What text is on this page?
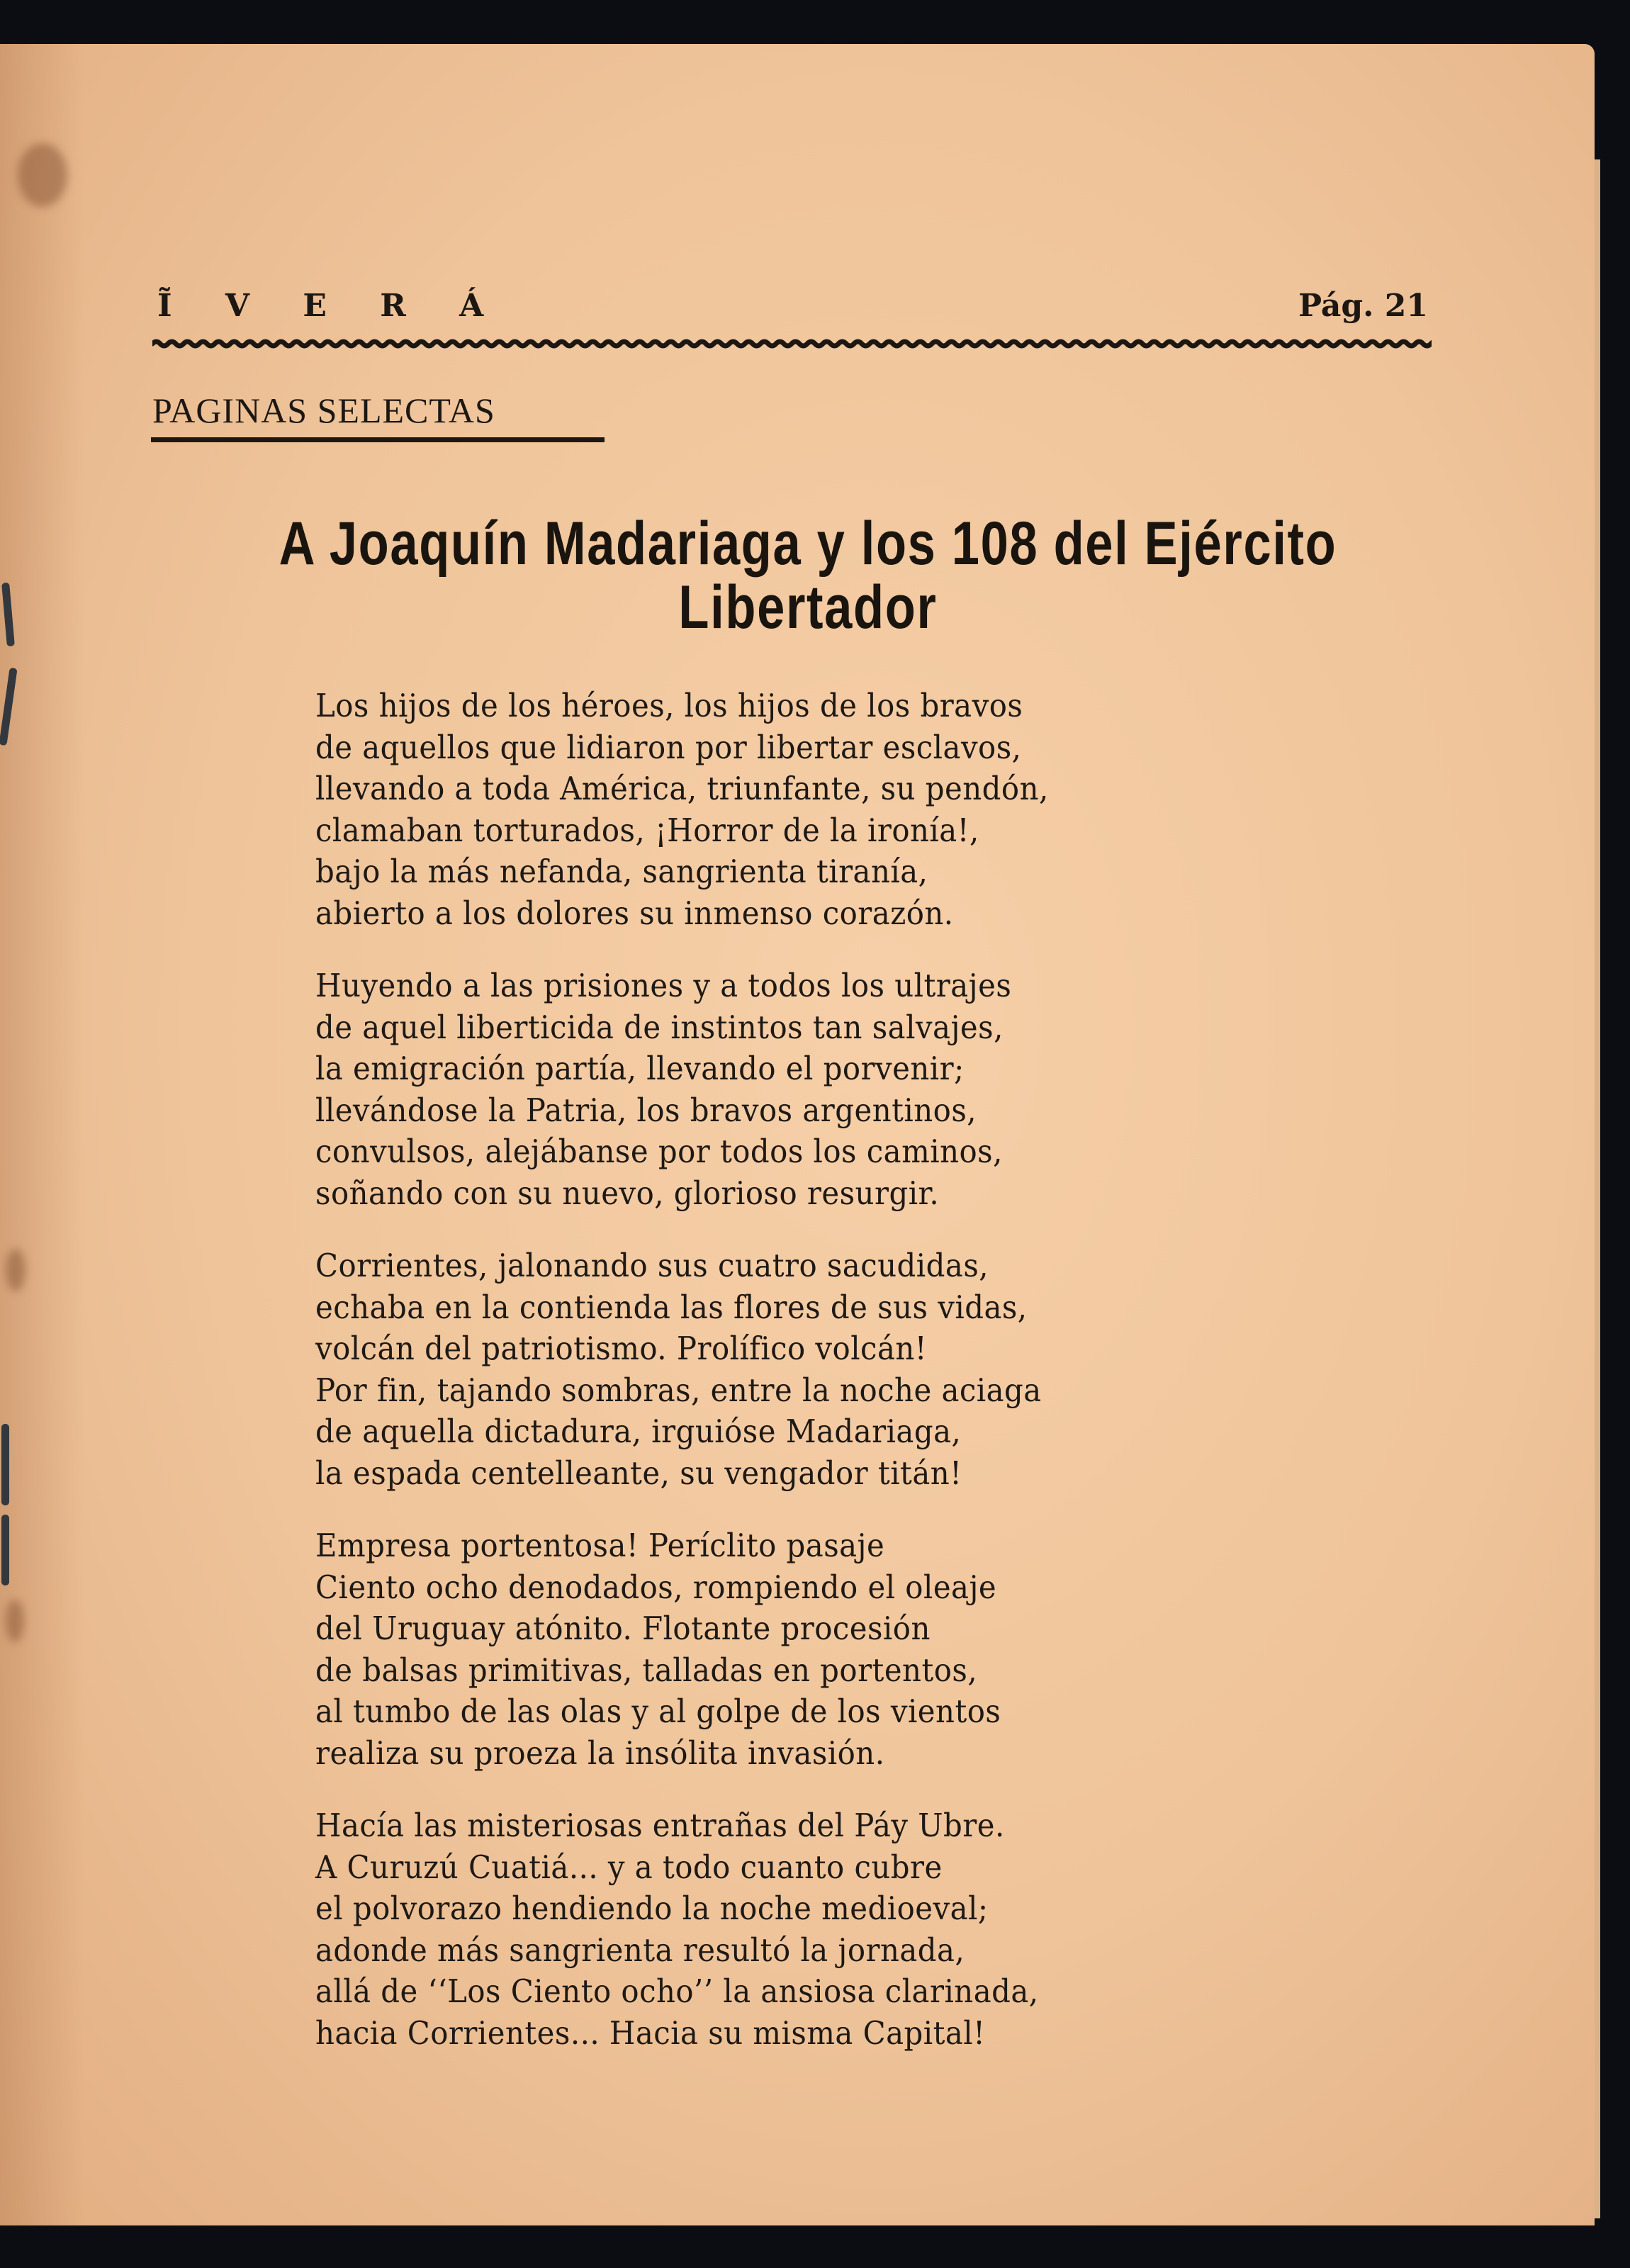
Ĩ V E R Á	Pág. 21
PAGINAS SELECTAS
A Joaquín Madariaga y los 108 del Ejército
Libertador
Los hijos de los héroes, los hijos de los bravos
de aquellos que lidiaron por libertar esclavos,
llevando a toda América, triunfante, su pendón,
clamaban torturados, ¡Horror de la ironía!,
bajo la más nefanda, sangrienta tiranía,
abierto a los dolores su inmenso corazón.
Huyendo a las prisiones y a todos los ultrajes
de aquel liberticida de instintos tan salvajes,
la emigración partía, llevando el porvenir;
llevándose la Patria, los bravos argentinos,
convulsos, alejábanse por todos los caminos,
soñando con su nuevo, glorioso resurgir.
Corrientes, jalonando sus cuatro sacudidas,
echaba en la contienda las flores de sus vidas,
volcán del patriotismo. Prolífico volcán!
Por fin, tajando sombras, entre la noche aciaga
de aquella dictadura, irguióse Madariaga,
la espada centelleante, su vengador titán!
Empresa portentosa! Períclito pasaje
Ciento ocho denodados, rompiendo el oleaje
del Uruguay atónito. Flotante procesión
de balsas primitivas, talladas en portentos,
al tumbo de las olas y al golpe de los vientos
realiza su proeza la insólita invasión.
Hacía las misteriosas entrañas del Páy Ubre.
A Curuzú Cuatiá... y a todo cuanto cubre
el polvorazo hendiendo la noche medioeval;
adonde más sangrienta resultó la jornada,
allá de ‘‘Los Ciento ocho’’ la ansiosa clarinada,
hacia Corrientes... Hacia su misma Capital!
